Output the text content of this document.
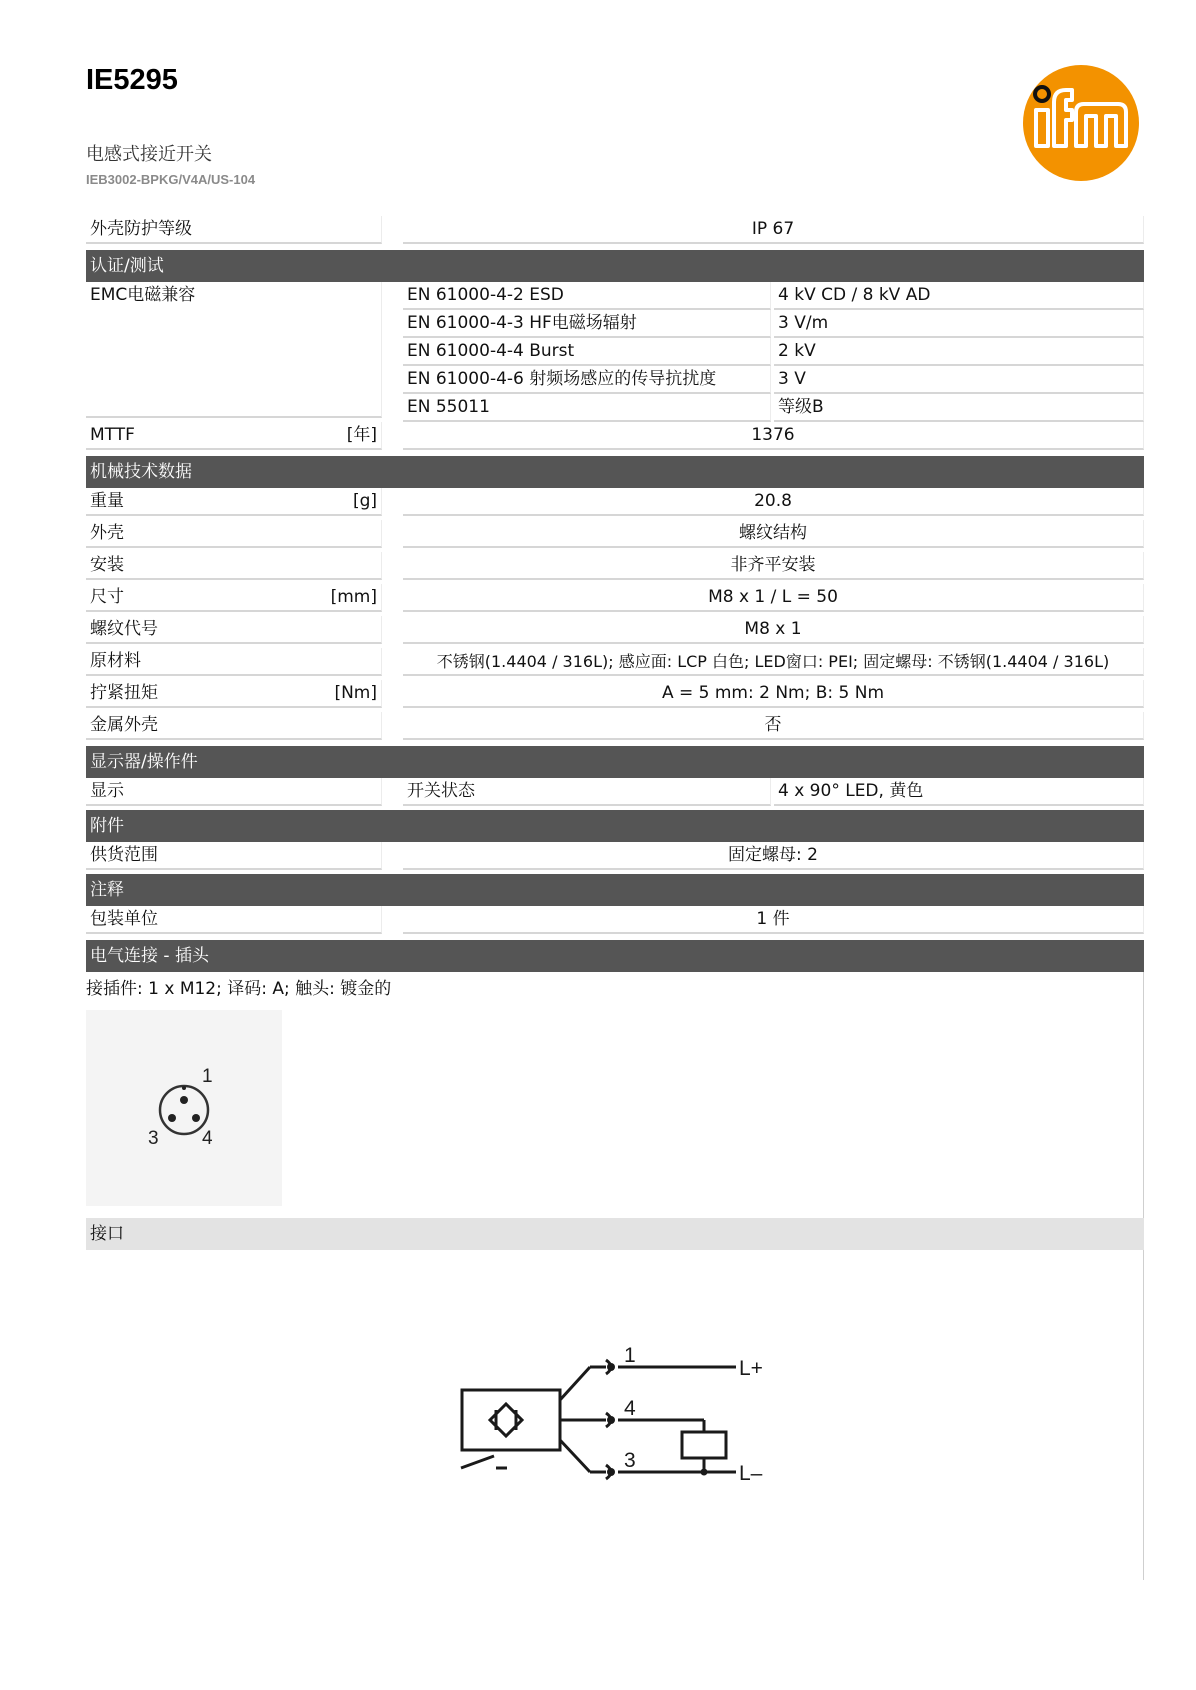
IE5295
电感式接近开关
IEB3002-BPKG/V4A/US-104
外壳防护等级	IP 67
认证/测试
EMC电磁兼容	EN 61000-4-2 ESD	4 kV CD / 8 kV AD
EN 61000-4-3 HF电磁场辐射	3 V/m
EN 61000-4-4 Burst	2 kV
EN 61000-4-6 射频场感应的传导抗扰度	3 V
EN 55011	等级B
MTTF	[年]	1376
机械技术数据
重量	[g]	20.8
外壳	螺纹结构
安装	非齐平安装
尺寸	[mm]	M8 x 1 / L = 50
螺纹代号	M8 x 1
原材料	不锈钢(1.4404 / 316L); 感应面: LCP 白色; LED窗口: PEI; 固定螺母: 不锈钢(1.4404 / 316L)
拧紧扭矩	[Nm]	A = 5 mm: 2 Nm; B: 5 Nm
金属外壳	否
显示器/操作件
显示	开关状态	4 x 90° LED, 黄色
附件
供货范围	固定螺母: 2
注释
包装单位	1 件
电气连接 - 插头
接插件: 1 x M12; 译码: A; 触头: 镀金的
1
3 4
接口
1
4
3
L+
L–
